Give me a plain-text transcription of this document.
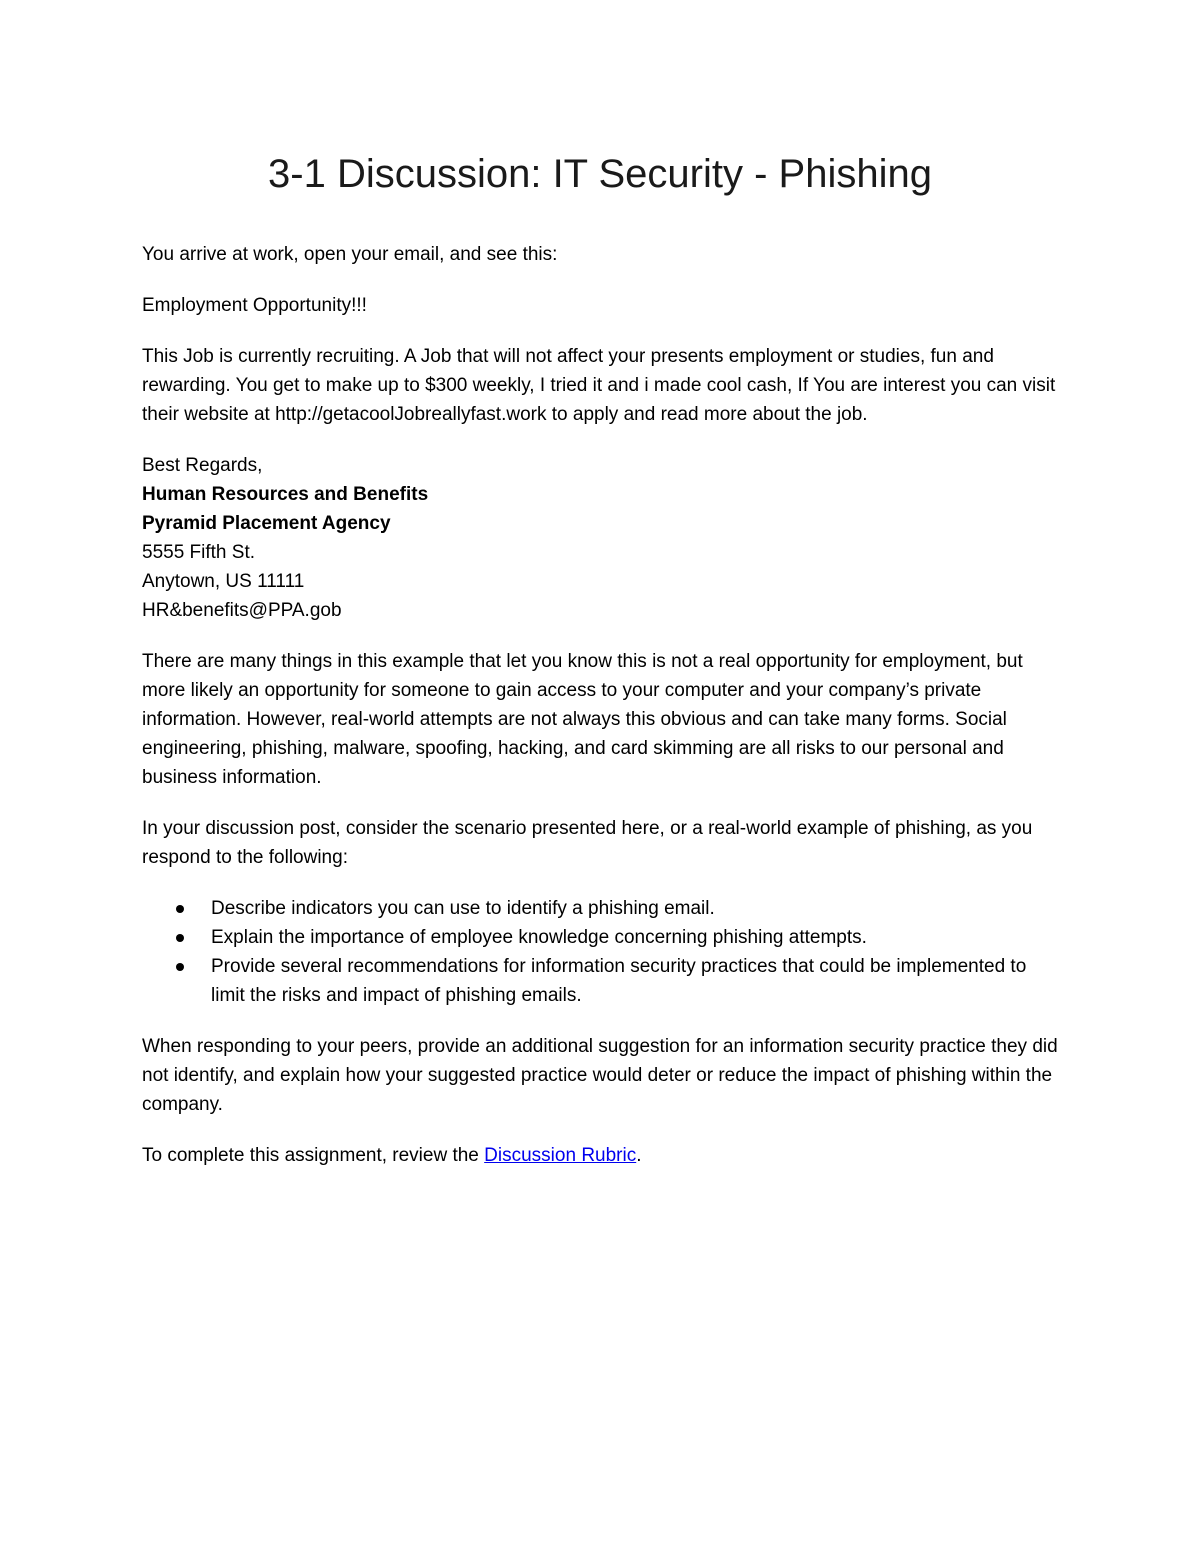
3-1 Discussion: IT Security - Phishing

You arrive at work, open your email, and see this:

Employment Opportunity!!!

This Job is currently recruiting. A Job that will not affect your presents employment or studies, fun and rewarding. You get to make up to $300 weekly, I tried it and i made cool cash, If You are interest you can visit their website at http://getacoolJobreallyfast.work to apply and read more about the job.

Best Regards,
Human Resources and Benefits
Pyramid Placement Agency
5555 Fifth St.
Anytown, US 11111
HR&benefits@PPA.gob

There are many things in this example that let you know this is not a real opportunity for employment, but more likely an opportunity for someone to gain access to your computer and your company’s private information. However, real-world attempts are not always this obvious and can take many forms. Social engineering, phishing, malware, spoofing, hacking, and card skimming are all risks to our personal and business information.

In your discussion post, consider the scenario presented here, or a real-world example of phishing, as you respond to the following:

Describe indicators you can use to identify a phishing email.
Explain the importance of employee knowledge concerning phishing attempts.
Provide several recommendations for information security practices that could be implemented to limit the risks and impact of phishing emails.

When responding to your peers, provide an additional suggestion for an information security practice they did not identify, and explain how your suggested practice would deter or reduce the impact of phishing within the company.

To complete this assignment, review the Discussion Rubric.
